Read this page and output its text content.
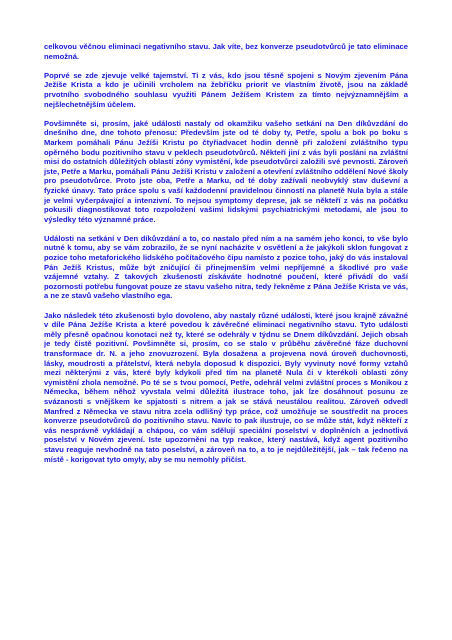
celkovou věčnou eliminaci negativního stavu. Jak víte, bez konverze pseudotvůrců je tato eliminace nemožná.

Poprvé se zde zjevuje velké tajemství. Ti z vás, kdo jsou těsně spojeni s Novým zjevením Pána Ježíše Krista a kdo je učinili vrcholem na žebříčku priorit ve vlastním životě, jsou na základě prvotního svobodného souhlasu využiti Pánem Ježíšem Kristem za tímto nejvýznamnějším a nejšlechetnějším účelem.

Povšimněte si, prosím, jaké události nastaly od okamžiku vašeho setkání na Den díkůvzdání do dnešního dne, dne tohoto přenosu: Především jste od té doby ty, Petře, spolu a bok po boku s Markem pomáhali Pánu Ježíši Kristu po čtyřiadvacet hodin denně při založení zvláštního typu opěrného bodu pozitivního stavu v peklech pseudotvůrců. Někteří jiní z vás byli posláni na zvláštní misi do ostatních důležitých oblastí zóny vymistění, kde pseudotvůrci založili své pevnosti. Zároveň jste, Petře a Marku, pomáhali Pánu Ježíši Kristu v založení a otevření zvláštního oddělení Nové školy pro pseudotvůrce. Proto jste oba, Petře a Marku, od té doby zažívali neobvyklý stav duševní a fyzické únavy. Tato práce spolu s vaší každodenní pravidelnou činností na planetě Nula byla a stále je velmi vyčerpávající a intenzivní. To nejsou symptomy deprese, jak se někteří z vás na počátku pokusili diagnostikovat toto rozpoložení vašimi lidskými psychiatrickými metodami, ale jsou to výsledky této významné práce.

Události na setkání v Den díkůvzdání a to, co nastalo před ním a na samém jeho konci, to vše bylo nutné k tomu, aby se vám zobrazilo, že se nyní nacházíte v osvětlení a že jakýkoli sklon fungovat z pozice toho metaforického lidského počítačového čipu namísto z pozice toho, jaký do vás instaloval Pán Ježíš Kristus, může být zničující či přinejmenším velmi nepříjemné a škodlivé pro vaše vzájemné vztahy. Z takových zkušeností získáváte hodnotné poučení, které přivádí do vaší pozornosti potřebu fungovat pouze ze stavu vašeho nitra, tedy řekněme z Pána Ježíše Krista ve vás, a ne ze stavů vašeho vlastního ega.

Jako následek této zkušenosti bylo dovoleno, aby nastaly různé události, které jsou krajně závažné v díle Pána Ježíše Krista a které povedou k závěrečné eliminaci negativního stavu. Tyto události měly přesně opačnou konotaci než ty, které se odehrály v týdnu se Dnem díkůvzdání. Jejich obsah je tedy čistě pozitivní. Povšimněte si, prosím, co se stalo v průběhu závěrečné fáze duchovní transformace dr. N. a jeho znovuzrození. Byla dosažena a projevena nová úroveň duchovnosti, lásky, moudrosti a přátelství, která nebyla doposud k dispozici. Byly vyvinuty nové formy vztahů mezi některými z vás, které byly kdykoli před tím na planetě Nula či v kterékoli oblasti zóny vymistění zhola nemožné. Po té se s tvou pomocí, Petře, odehrál velmi zvláštní proces s Monikou z Německa, během něhož vyvstala velmi důležitá ilustrace toho, jak lze dosáhnout posunu ze svázanosti s vnějškem ke spjatosti s nitrem a jak se stává neustálou realitou. Zároveň odvedl Manfred z Německa ve stavu nitra zcela odlišný typ práce, což umožňuje se soustředit na proces konverze pseudotvůrců do pozitivního stavu. Navíc to pak ilustruje, co se může stát, když někteří z vás nesprávně vykládají a chápou, co vám sdělují speciální poselství v doplněních a jednotlivá poselství v Novém zjevení. Iste upozorněni na typ reakce, který nastává, když agent pozitivního stavu reaguje nevhodně na tato poselství, a zároveň na to, a to je nejdůležitější, jak – tak řečeno na místě - korigovat tyto omyly, aby se mu nemohly přičíst.
